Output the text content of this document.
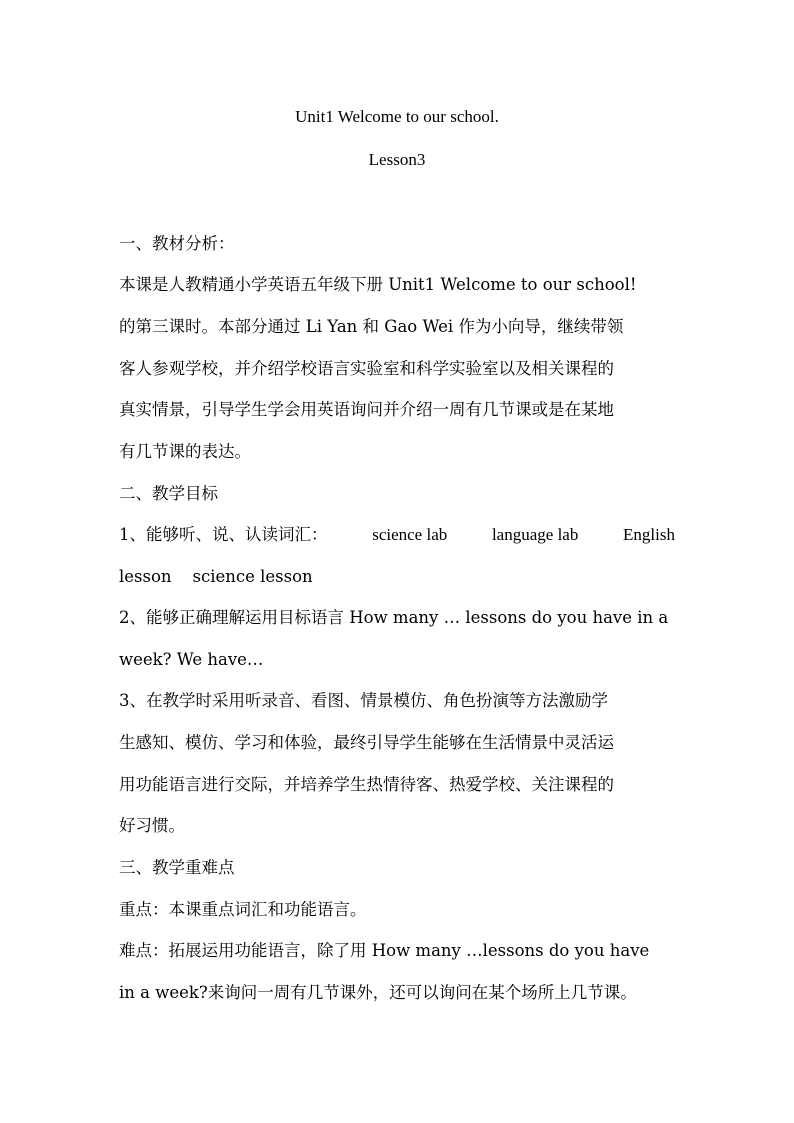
Unit1 Welcome to our school.
Lesson3
一、教材分析：
本课是人教精通小学英语五年级下册 Unit1 Welcome to our school!
的第三课时。本部分通过 Li Yan 和 Gao Wei 作为小向导，继续带领
客人参观学校，并介绍学校语言实验室和科学实验室以及相关课程的
真实情景，引导学生学会用英语询问并介绍一周有几节课或是在某地
有几节课的表达。
二、教学目标
1、能够听、说、认读词汇：	science lab	language lab	English
lesson    science lesson
2、能够正确理解运用目标语言 How many … lessons do you have in a
week? We have…
3、在教学时采用听录音、看图、情景模仿、角色扮演等方法激励学
生感知、模仿、学习和体验，最终引导学生能够在生活情景中灵活运
用功能语言进行交际，并培养学生热情待客、热爱学校、关注课程的
好习惯。
三、教学重难点
重点：本课重点词汇和功能语言。
难点：拓展运用功能语言，除了用 How many …lessons do you have
in a week?来询问一周有几节课外，还可以询问在某个场所上几节课。
